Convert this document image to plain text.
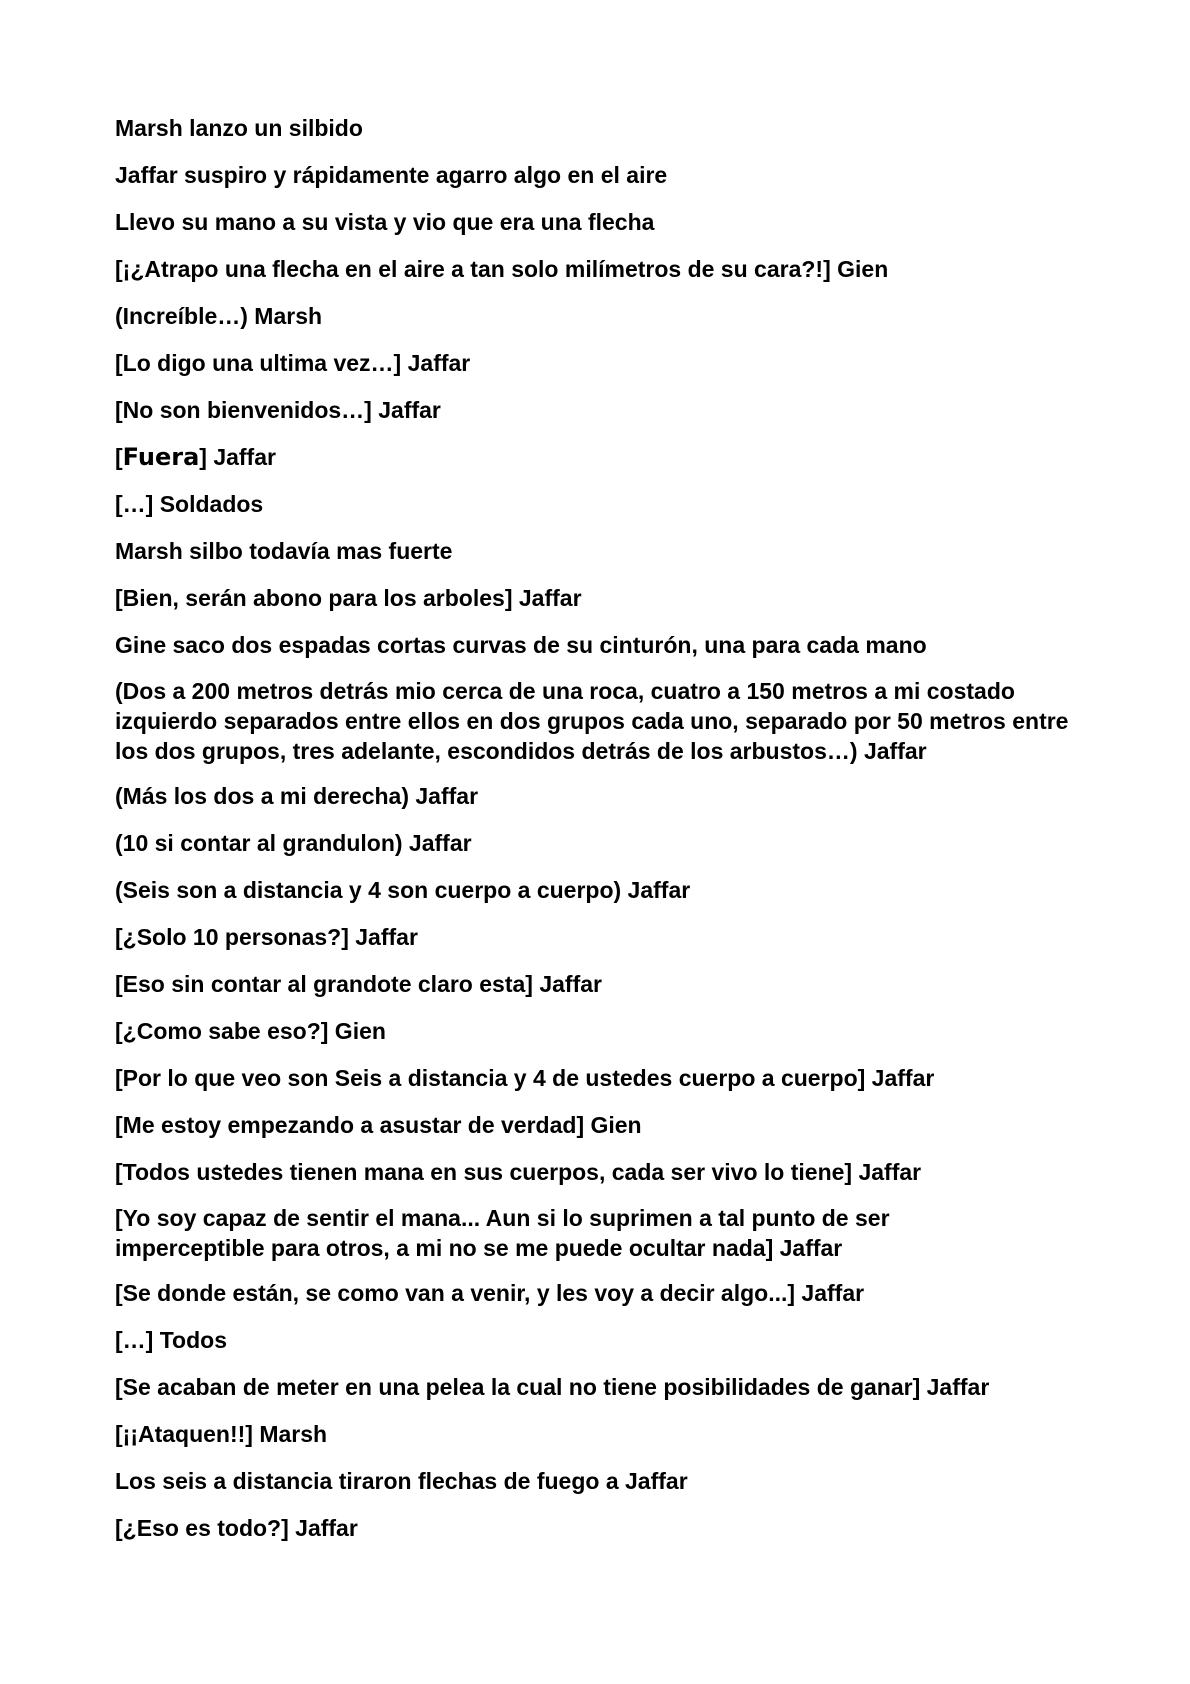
Marsh lanzo un silbido

Jaffar suspiro y rápidamente agarro algo en el aire

Llevo su mano a su vista y vio que era una flecha

[¡¿Atrapo una flecha en el aire a tan solo milímetros de su cara?!] Gien

(Increíble…) Marsh

[Lo digo una ultima vez…] Jaffar

[No son bienvenidos…] Jaffar

[Fuera] Jaffar

[…] Soldados

Marsh silbo todavía mas fuerte

[Bien, serán abono para los arboles] Jaffar

Gine saco dos espadas cortas curvas de su cinturón, una para cada mano

(Dos a 200 metros detrás mio cerca de una roca, cuatro a 150 metros a mi costado izquierdo separados entre ellos en dos grupos cada uno, separado por 50 metros entre los dos grupos, tres adelante, escondidos detrás de los arbustos…) Jaffar

(Más los dos a mi derecha) Jaffar

(10 si contar al grandulon) Jaffar

(Seis son a distancia y 4 son cuerpo a cuerpo) Jaffar

[¿Solo 10 personas?] Jaffar

[Eso sin contar al grandote claro esta] Jaffar

[¿Como sabe eso?] Gien

[Por lo que veo son Seis a distancia y 4 de ustedes cuerpo a cuerpo] Jaffar

[Me estoy empezando a asustar de verdad] Gien

[Todos ustedes tienen mana en sus cuerpos, cada ser vivo lo tiene] Jaffar

[Yo soy capaz de sentir el mana... Aun si lo suprimen a tal punto de ser imperceptible para otros, a mi no se me puede ocultar nada] Jaffar

[Se donde están, se como van a venir, y les voy a decir algo...] Jaffar

[…] Todos

[Se acaban de meter en una pelea la cual no tiene posibilidades de ganar] Jaffar

[¡¡Ataquen!!] Marsh

Los seis a distancia tiraron flechas de fuego a Jaffar

[¿Eso es todo?] Jaffar
